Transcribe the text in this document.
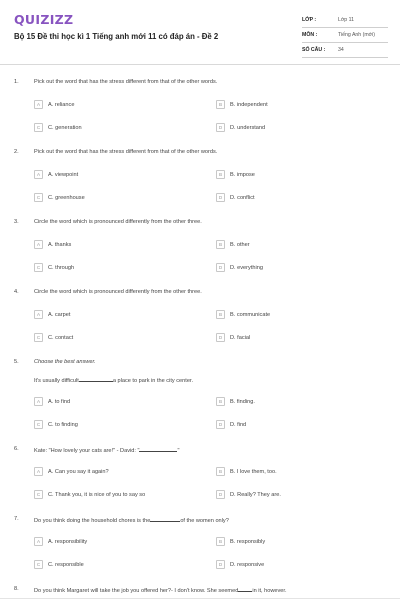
QUIZIZZ
Bộ 15 Đề thi học kì 1 Tiếng anh mới 11 có đáp án - Đề 2
LỚP :	Lớp 11
MÔN :	Tiếng Anh (mới)
SỐ CÂU :	34
1.	Pick out the word that has the stress different from that of the other words.
A	A. reliance	B	B. independent
C	C. generation	D	D. understand
2.	Pick out the word that has the stress different from that of the other words.
A	A. viewpoint	B	B. impose
C	C. greenhouse	D	D. conflict
3.	Circle the word which is pronounced differently from the other three.
A	A. thanks	B	B. other
C	C. through	D	D. everything
4.	Circle the word which is pronounced differently from the other three.
A	A. carpet	B	B. communicate
C	C. contact	D	D. facial
5.	Choose the best answer.
It's usually difficult	a place to park in the city center.
A	A. to find	B	B. finding.
C	C. to finding	D	D. find
6.	Kate: "How lovely your cats are!" - David: "	"
A	A. Can you say it again?	B	B. I love them, too.
C	C. Thank you, it is nice of you to say so	D	D. Really? They are.
7.	Do you think doing the household chores is the	of the women only?
A	A. responsibility	B	B. responsibly
C	C. responsible	D	D. responsive
8.	Do you think Margaret will take the job you offered her?- I don't know. She seemed	in it, however.
